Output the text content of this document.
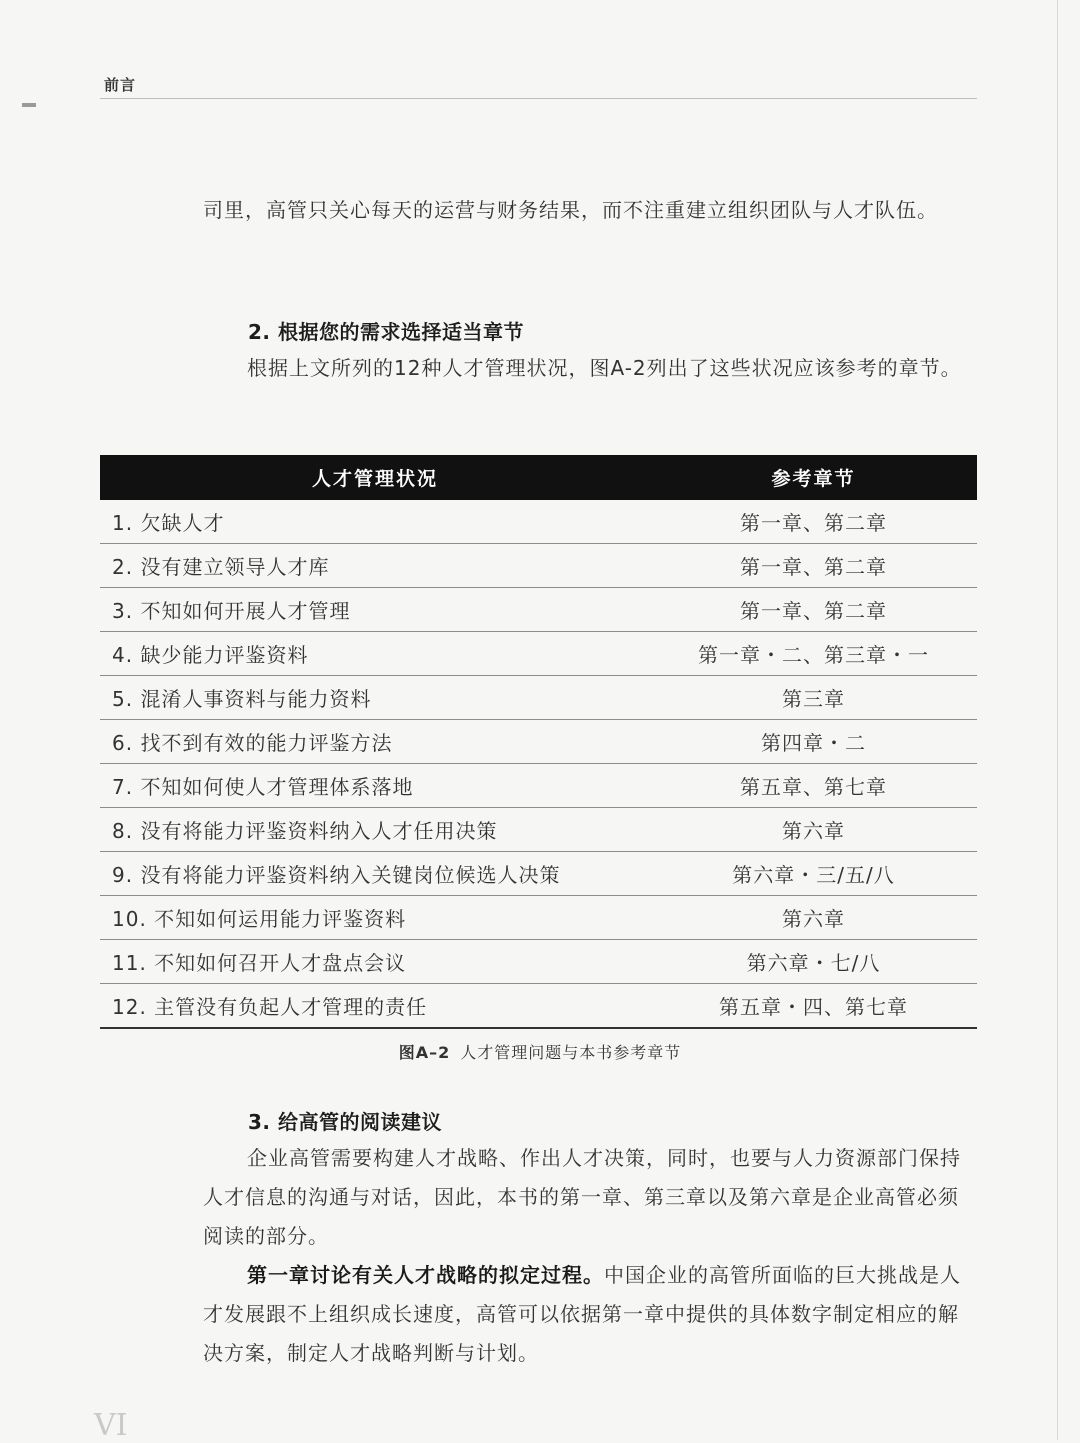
前言

司里，高管只关心每天的运营与财务结果，而不注重建立组织团队与人才队伍。

2. 根据您的需求选择适当章节

根据上文所列的12种人才管理状况，图A-2列出了这些状况应该参考的章节。

人才管理状况	参考章节
1. 欠缺人才	第一章、第二章
2. 没有建立领导人才库	第一章、第二章
3. 不知如何开展人才管理	第一章、第二章
4. 缺少能力评鉴资料	第一章・二、第三章・一
5. 混淆人事资料与能力资料	第三章
6. 找不到有效的能力评鉴方法	第四章・二
7. 不知如何使人才管理体系落地	第五章、第七章
8. 没有将能力评鉴资料纳入人才任用决策	第六章
9. 没有将能力评鉴资料纳入关键岗位候选人决策	第六章・三/五/八
10. 不知如何运用能力评鉴资料	第六章
11. 不知如何召开人才盘点会议	第六章・七/八
12. 主管没有负起人才管理的责任	第五章・四、第七章
图A–2 人才管理问题与本书参考章节
3. 给高管的阅读建议

企业高管需要构建人才战略、作出人才决策，同时，也要与人力资源部门保持人才信息的沟通与对话，因此，本书的第一章、第三章以及第六章是企业高管必须阅读的部分。

第一章讨论有关人才战略的拟定过程。中国企业的高管所面临的巨大挑战是人才发展跟不上组织成长速度，高管可以依据第一章中提供的具体数字制定相应的解决方案，制定人才战略判断与计划。

VI
